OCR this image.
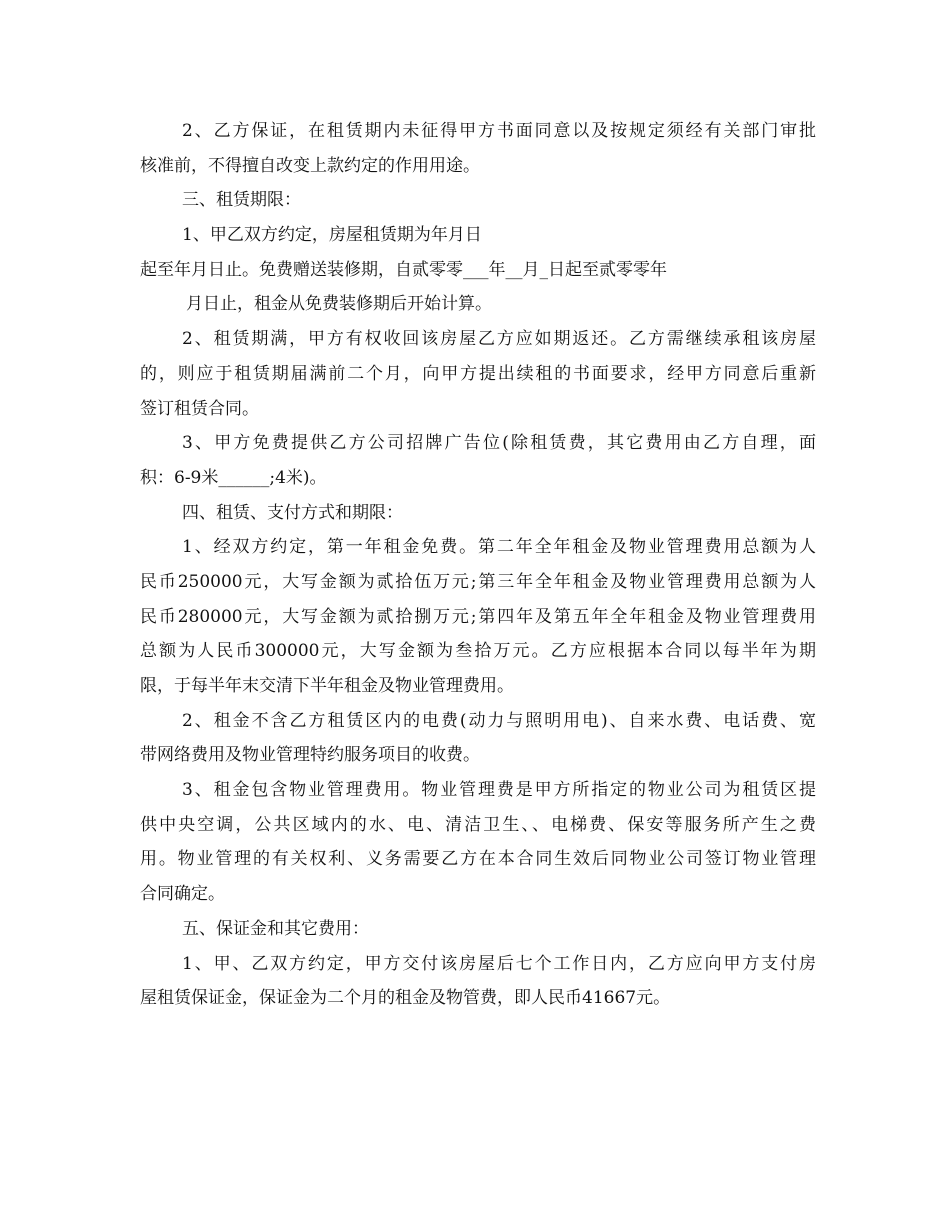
2、乙方保证，在租赁期内未征得甲方书面同意以及按规定须经有关部门审批
核准前，不得擅自改变上款约定的作用用途。
三、租赁期限：
1、甲乙双方约定，房屋租赁期为年月日
起至年月日止。免费赠送装修期，自贰零零___年__月_日起至贰零零年
月日止，租金从免费装修期后开始计算。
2、租赁期满，甲方有权收回该房屋乙方应如期返还。乙方需继续承租该房屋
的，则应于租赁期届满前二个月，向甲方提出续租的书面要求，经甲方同意后重新
签订租赁合同。
3、甲方免费提供乙方公司招牌广告位(除租赁费，其它费用由乙方自理，面
积：6-9米______;4米)。
四、租赁、支付方式和期限：
1、经双方约定，第一年租金免费。第二年全年租金及物业管理费用总额为人
民币250000元，大写金额为贰拾伍万元;第三年全年租金及物业管理费用总额为人
民币280000元，大写金额为贰拾捌万元;第四年及第五年全年租金及物业管理费用
总额为人民币300000元，大写金额为叁拾万元。乙方应根据本合同以每半年为期
限，于每半年末交清下半年租金及物业管理费用。
2、租金不含乙方租赁区内的电费(动力与照明用电)、自来水费、电话费、宽
带网络费用及物业管理特约服务项目的收费。
3、租金包含物业管理费用。物业管理费是甲方所指定的物业公司为租赁区提
供中央空调，公共区域内的水、电、清洁卫生、、电梯费、保安等服务所产生之费
用。物业管理的有关权利、义务需要乙方在本合同生效后同物业公司签订物业管理
合同确定。
五、保证金和其它费用：
1、甲、乙双方约定，甲方交付该房屋后七个工作日内，乙方应向甲方支付房
屋租赁保证金，保证金为二个月的租金及物管费，即人民币41667元。
